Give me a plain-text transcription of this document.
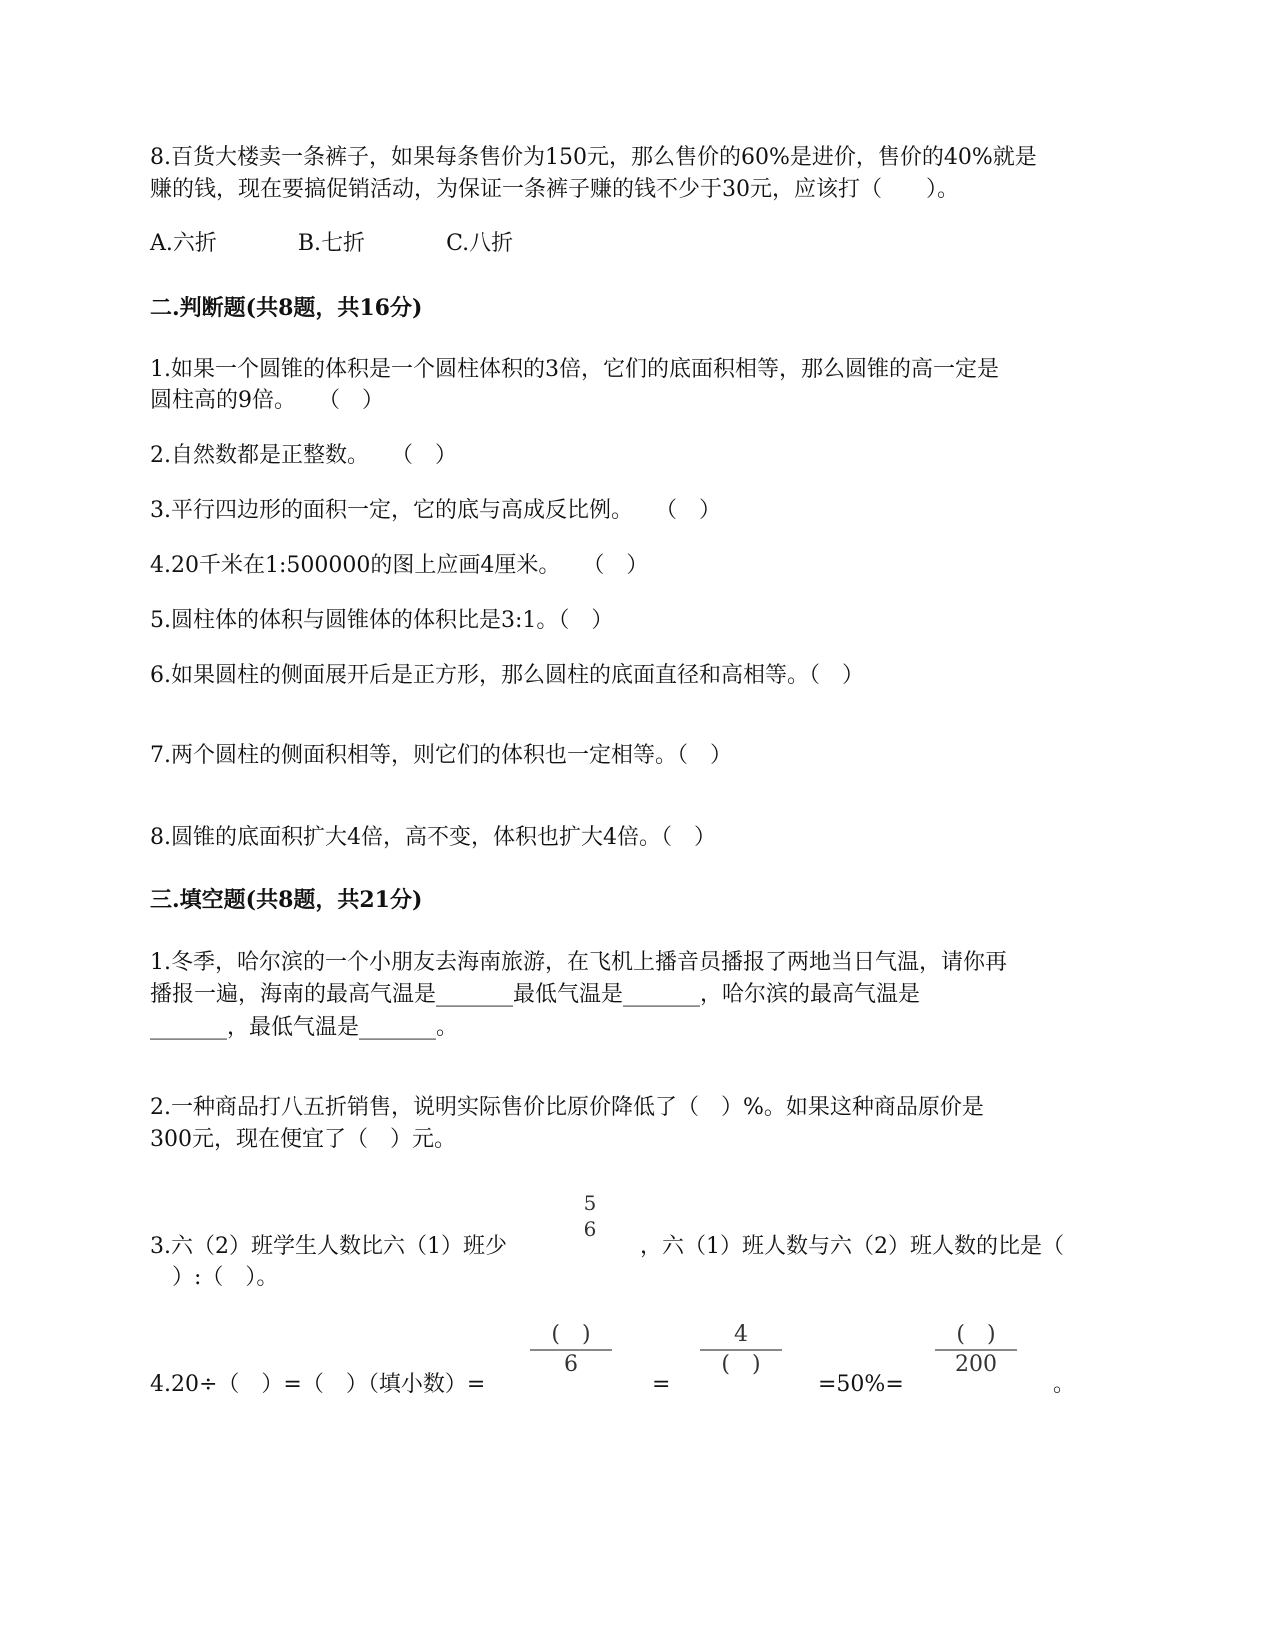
8.百货大楼卖一条裤子，如果每条售价为150元，那么售价的60%是进价，售价的40%就是
赚的钱，现在要搞促销活动，为保证一条裤子赚的钱不少于30元，应该打（　　）。
A.六折	B.七折	C.八折
二.判断题(共8题，共16分)
1.如果一个圆锥的体积是一个圆柱体积的3倍，它们的底面积相等，那么圆锥的高一定是
圆柱高的9倍。　　（　）
2.自然数都是正整数。　　（　）
3.平行四边形的面积一定，它的底与高成反比例。　　（　）
4.20千米在1:500000的图上应画4厘米。　　（　）
5.圆柱体的体积与圆锥体的体积比是3:1。（　）
6.如果圆柱的侧面展开后是正方形，那么圆柱的底面直径和高相等。（　）
7.两个圆柱的侧面积相等，则它们的体积也一定相等。（　）
8.圆锥的底面积扩大4倍，高不变，体积也扩大4倍。（　）
三.填空题(共8题，共21分)
1.冬季，哈尔滨的一个小朋友去海南旅游，在飞机上播音员播报了两地当日气温，请你再
播报一遍，海南的最高气温是_______最低气温是_______，哈尔滨的最高气温是
_______，最低气温是_______。
2.一种商品打八五折销售，说明实际售价比原价降低了（　）%。如果这种商品原价是
300元，现在便宜了（　）元。
3.六（2）班学生人数比六（1）班少
5
6
，六（1）班人数与六（2）班人数的比是（
　）:（　）。
4.20÷（　）=（　）（填小数）=
(　)
6
=
4
(　)
=50%=
(　)
200
。
